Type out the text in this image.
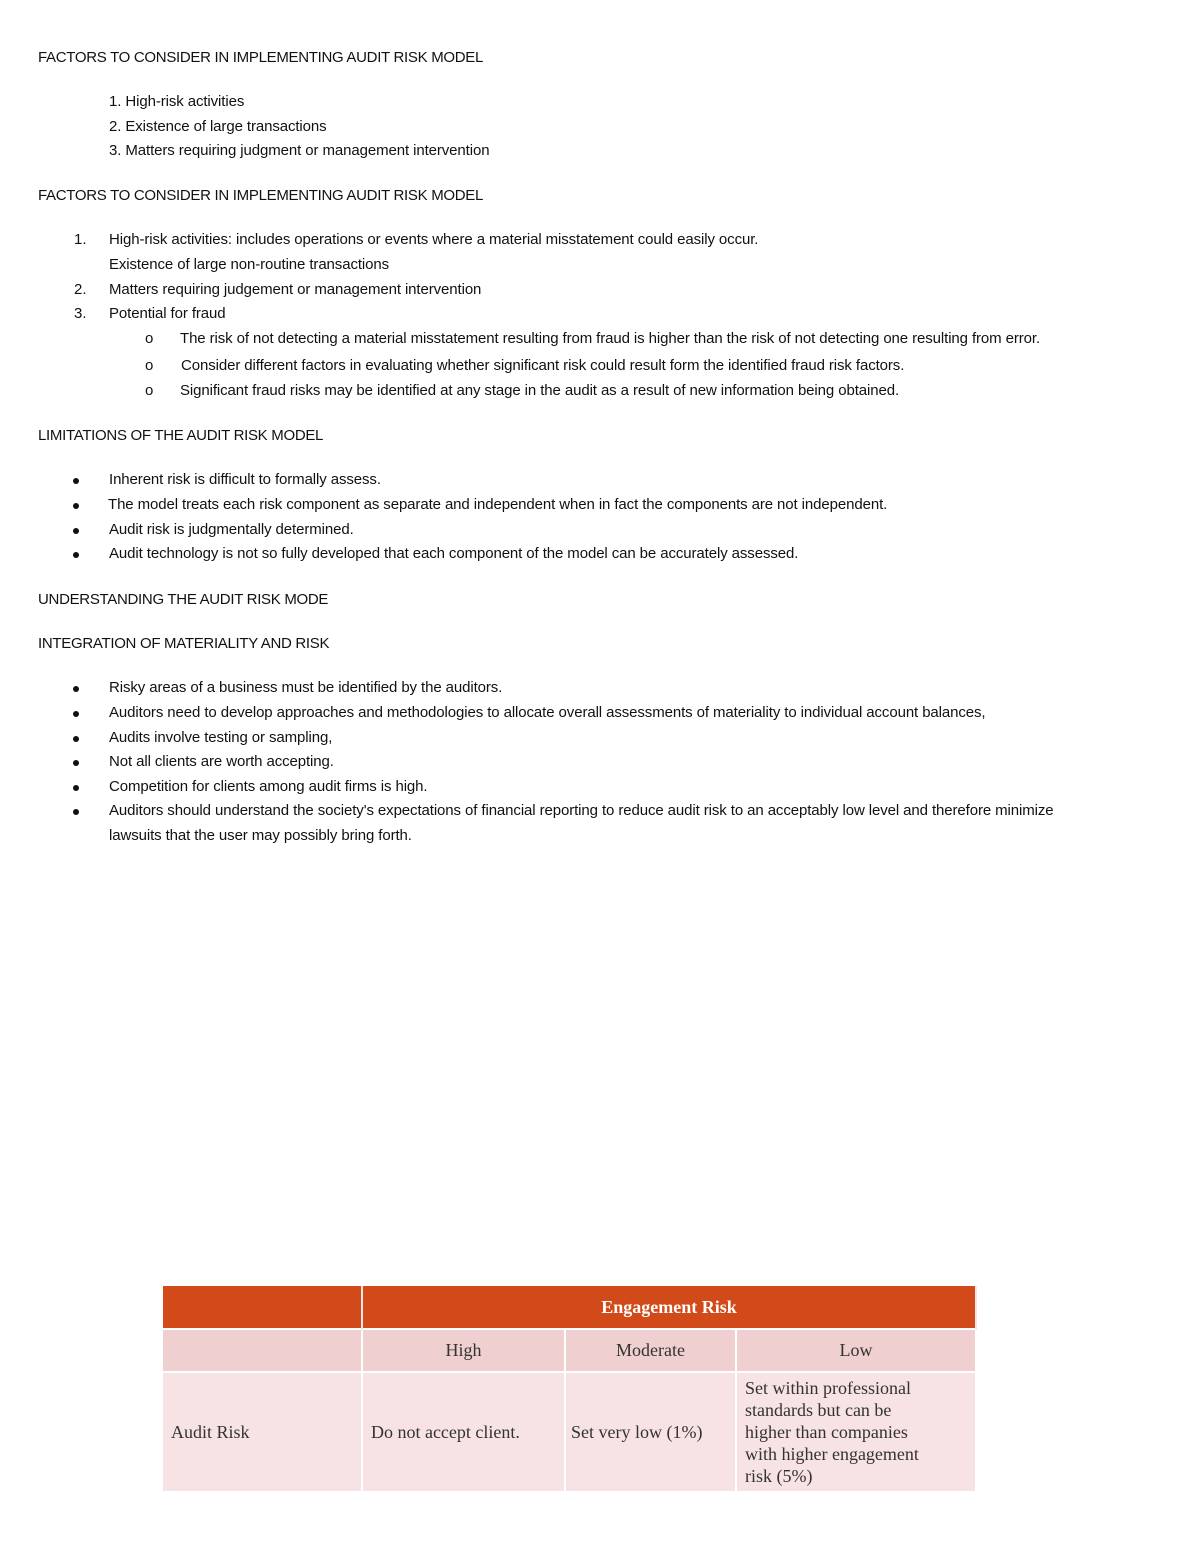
FACTORS TO CONSIDER IN IMPLEMENTING AUDIT RISK MODEL
1. High-risk activities
2. Existence of large transactions
3. Matters requiring judgment or management intervention
FACTORS TO CONSIDER IN IMPLEMENTING AUDIT RISK MODEL
1. High-risk activities: includes operations or events where a material misstatement could easily occur.
Existence of large non-routine transactions
2. Matters requiring judgement or management intervention
3. Potential for fraud
o The risk of not detecting a material misstatement resulting from fraud is higher than the risk of not detecting one resulting from error.
o Consider different factors in evaluating whether significant risk could result form the identified fraud risk factors.
o Significant fraud risks may be identified at any stage in the audit as a result of new information being obtained.
LIMITATIONS OF THE AUDIT RISK MODEL
Inherent risk is difficult to formally assess.
The model treats each risk component as separate and independent when in fact the components are not independent.
Audit risk is judgmentally determined.
Audit technology is not so fully developed that each component of the model can be accurately assessed.
UNDERSTANDING THE AUDIT RISK MODE
INTEGRATION OF MATERIALITY AND RISK
Risky areas of a business must be identified by the auditors.
Auditors need to develop approaches and methodologies to allocate overall assessments of materiality to individual account balances,
Audits involve testing or sampling,
Not all clients are worth accepting.
Competition for clients among audit firms is high.
Auditors should understand the society's expectations of financial reporting to reduce audit risk to an acceptably low level and therefore minimize
lawsuits that the user may possibly bring forth.
	Engagement Risk		
	High	Moderate	Low
Audit Risk	Do not accept client.	Set very low (1%)	Set within professional
standards but can be
higher than companies
with higher engagement
risk (5%)
